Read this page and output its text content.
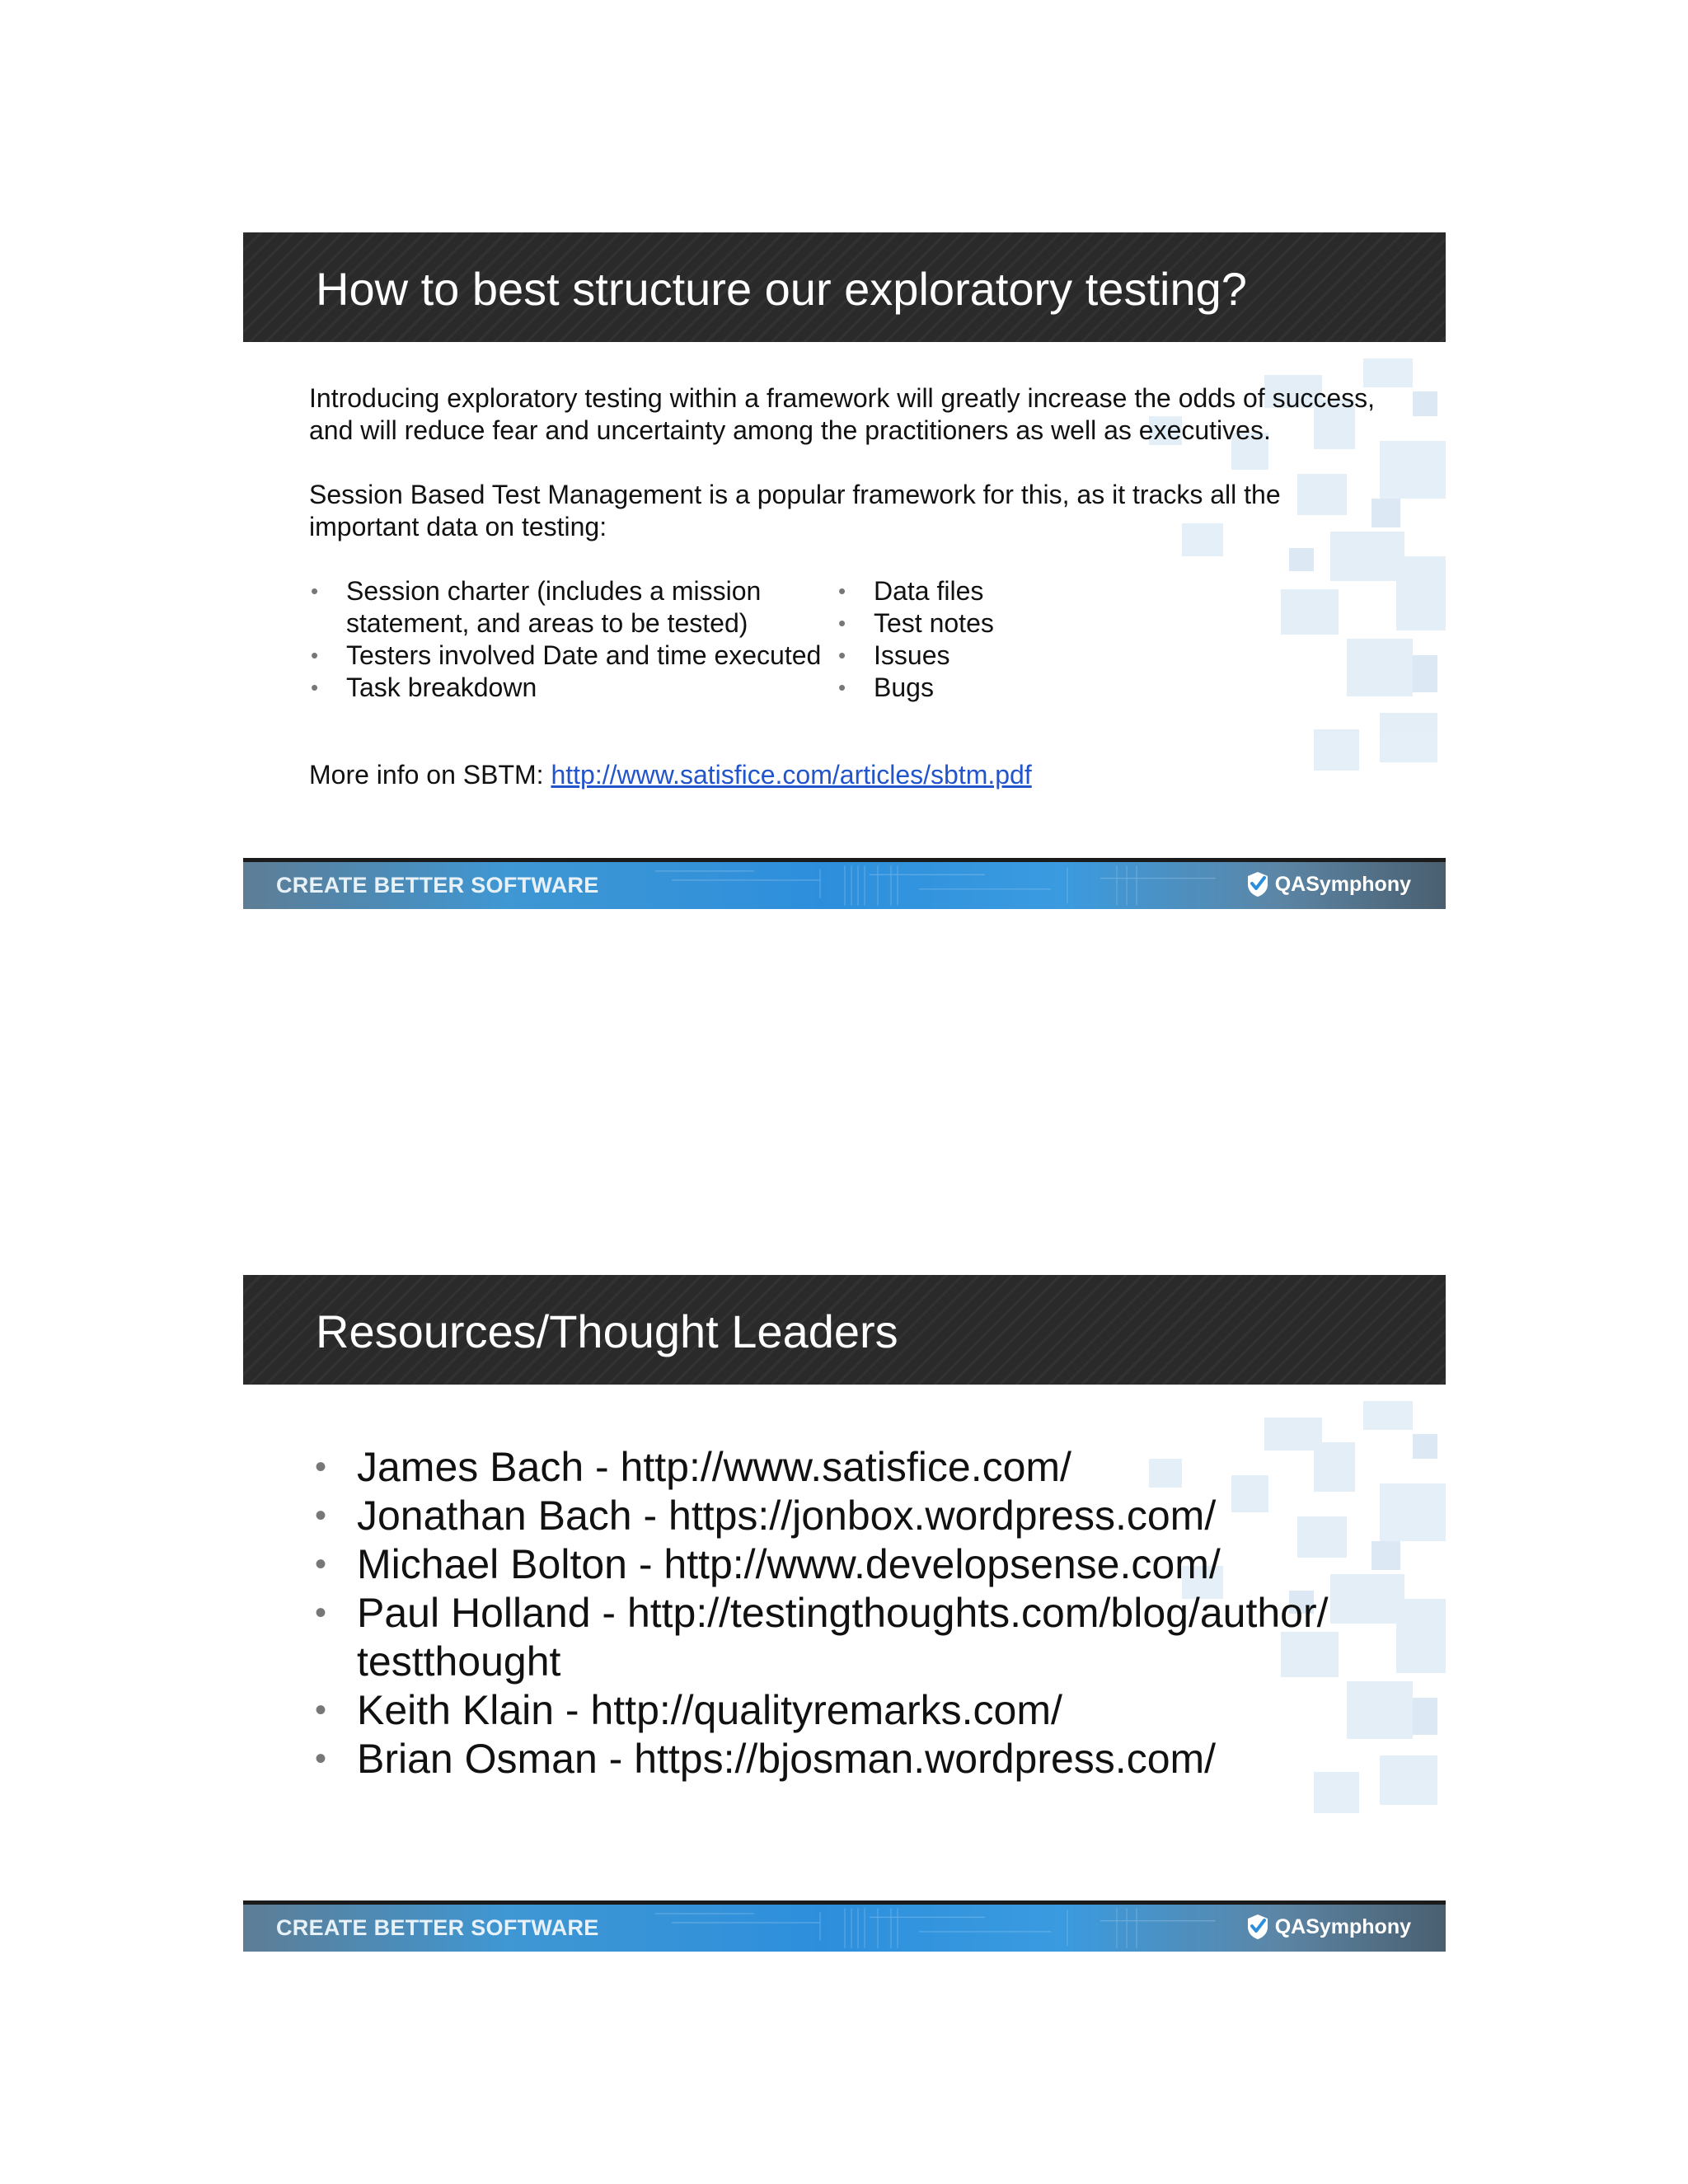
How to best structure our exploratory testing?

Introducing exploratory testing within a framework will greatly increase the odds of success, and will reduce fear and uncertainty among the practitioners as well as executives.

Session Based Test Management is a popular framework for this, as it tracks all the important data on testing:

• Session charter (includes a mission statement, and areas to be tested)
• Testers involved Date and time executed
• Task breakdown
• Data files
• Test notes
• Issues
• Bugs

More info on SBTM: http://www.satisfice.com/articles/sbtm.pdf

CREATE BETTER SOFTWARE	QASymphony
Resources/Thought Leaders
• James Bach - http://www.satisfice.com/
• Jonathan Bach - https://jonbox.wordpress.com/
• Michael Bolton - http://www.developsense.com/
• Paul Holland - http://testingthoughts.com/blog/author/ testthought
• Keith Klain - http://qualityremarks.com/
• Brian Osman - https://bjosman.wordpress.com/
CREATE BETTER SOFTWARE	QASymphony
